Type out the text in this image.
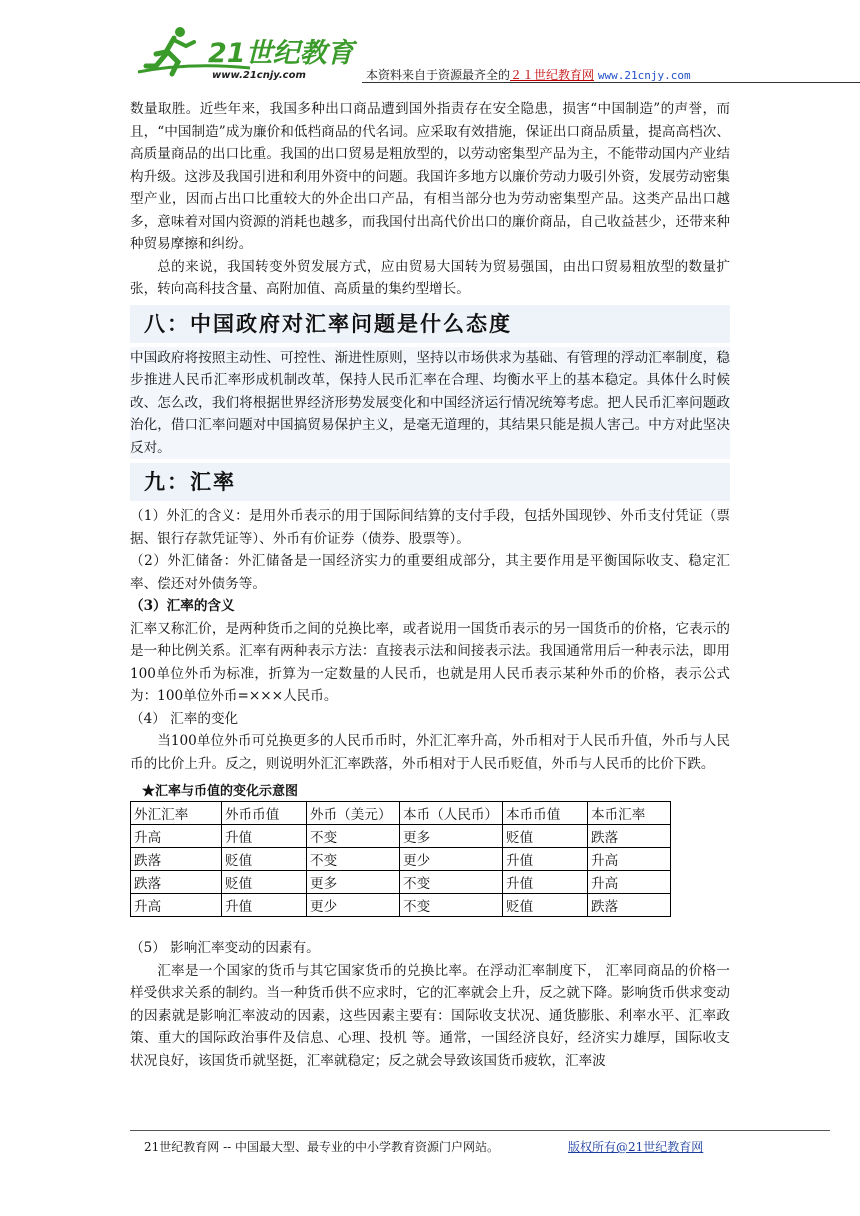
21世纪教育
www.21cnjy.com	本资料来自于资源最齐全的２１世纪教育网 www.21cnjy.com

数量取胜。近些年来，我国多种出口商品遭到国外指责存在安全隐患，损害“中国制造”的声誉，而且，“中国制造”成为廉价和低档商品的代名词。应采取有效措施，保证出口商品质量，提高高档次、高质量商品的出口比重。我国的出口贸易是粗放型的，以劳动密集型产品为主，不能带动国内产业结构升级。这涉及我国引进和利用外资中的问题。我国许多地方以廉价劳动力吸引外资，发展劳动密集型产业，因而占出口比重较大的外企出口产品，有相当部分也为劳动密集型产品。这类产品出口越多，意味着对国内资源的消耗也越多，而我国付出高代价出口的廉价商品，自己收益甚少，还带来种种贸易摩擦和纠纷。

总的来说，我国转变外贸发展方式，应由贸易大国转为贸易强国，由出口贸易粗放型的数量扩张，转向高科技含量、高附加值、高质量的集约型增长。

八：中国政府对汇率问题是什么态度

中国政府将按照主动性、可控性、渐进性原则，坚持以市场供求为基础、有管理的浮动汇率制度，稳步推进人民币汇率形成机制改革，保持人民币汇率在合理、均衡水平上的基本稳定。具体什么时候改、怎么改，我们将根据世界经济形势发展变化和中国经济运行情况统筹考虑。把人民币汇率问题政治化，借口汇率问题对中国搞贸易保护主义，是毫无道理的，其结果只能是损人害己。中方对此坚决反对。

九：汇率

（1）外汇的含义：是用外币表示的用于国际间结算的支付手段，包括外国现钞、外币支付凭证（票据、银行存款凭证等）、外币有价证券（债券、股票等）。

（2）外汇储备：外汇储备是一国经济实力的重要组成部分，其主要作用是平衡国际收支、稳定汇率、偿还对外债务等。

（3）汇率的含义

汇率又称汇价，是两种货币之间的兑换比率，或者说用一国货币表示的另一国货币的价格，它表示的是一种比例关系。汇率有两种表示方法：直接表示法和间接表示法。我国通常用后一种表示法，即用100单位外币为标准，折算为一定数量的人民币，也就是用人民币表示某种外币的价格，表示公式为：100单位外币=×××人民币。

（4） 汇率的变化

当100单位外币可兑换更多的人民币币时，外汇汇率升高，外币相对于人民币升值，外币与人民币的比价上升。反之，则说明外汇汇率跌落，外币相对于人民币贬值，外币与人民币的比价下跌。

★汇率与币值的变化示意图
外汇汇率	外币币值	外币（美元）	本币（人民币）	本币币值	本币汇率
升高	升值	不变	更多	贬值	跌落
跌落	贬值	不变	更少	升值	升高
跌落	贬值	更多	不变	升值	升高
升高	升值	更少	不变	贬值	跌落

（5） 影响汇率变动的因素有。

汇率是一个国家的货币与其它国家货币的兑换比率。在浮动汇率制度下， 汇率同商品的价格一样受供求关系的制约。当一种货币供不应求时，它的汇率就会上升，反之就下降。影响货币供求变动的因素就是影响汇率波动的因素，这些因素主要有：国际收支状况、通货膨胀、利率水平、汇率政策、重大的国际政治事件及信息、心理、投机 等。通常，一国经济良好，经济实力雄厚，国际收支状况良好，该国货币就坚挺，汇率就稳定；反之就会导致该国货币疲软，汇率波

21世纪教育网 -- 中国最大型、最专业的中小学教育资源门户网站。	版权所有@21世纪教育网
